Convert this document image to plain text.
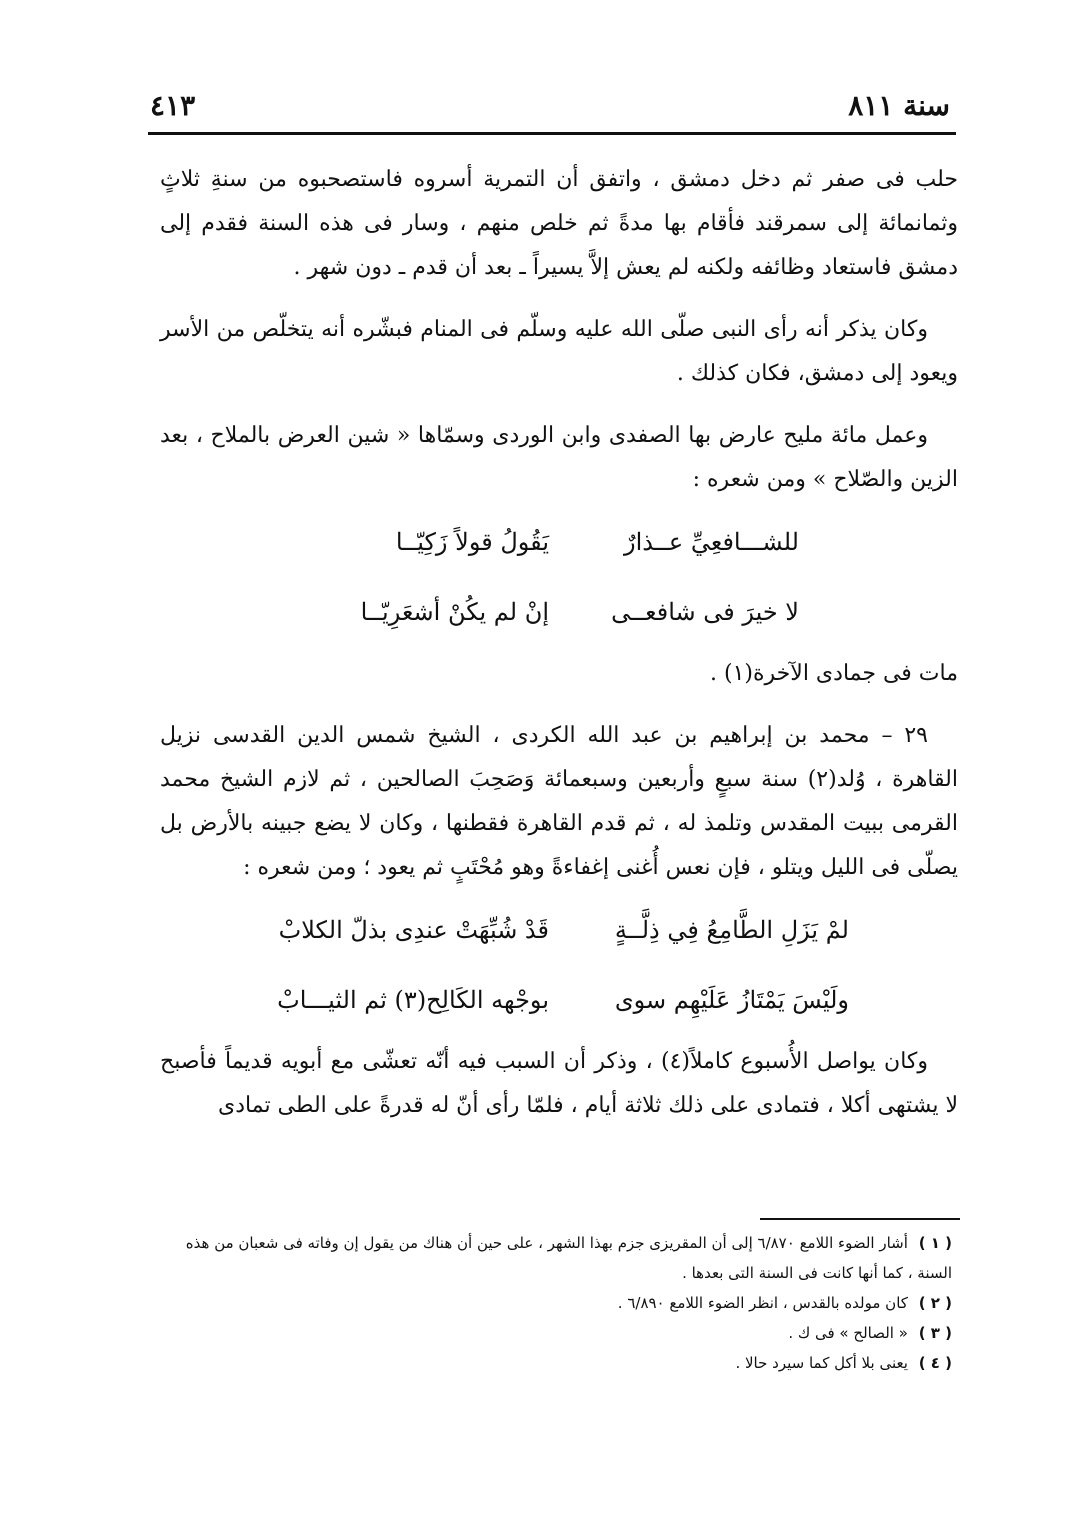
سنة ٨١١
٤١٣

حلب فى صفر ثم دخل دمشق ، واتفق أن التمرية أسروه فاستصحبوه من سنةِ ثلاثٍ وثمانمائة إلى سمرقند فأقام بها مدةً ثم خلص منهم ، وسار فى هذه السنة فقدم إلى دمشق فاستعاد وظائفه ولكنه لم يعش إلاَّ يسيراً ـ بعد أن قدم ـ دون شهر .

وكان يذكر أنه رأى النبى صلّى الله عليه وسلّم فى المنام فبشّره أنه يتخلّص من الأسر ويعود إلى دمشق، فكان كذلك .

وعمل مائة مليح عارض بها الصفدى وابن الوردى وسمّاها « شين العرض بالملاح ، بعد الزين والصّلاح » ومن شعره :

للشـــافعِيِّ عــذارٌ
يَقُولُ قولاً زَكِيّــا
لا خيرَ فى شافعــى
إنْ لم يكُنْ أشعَرِيّــا

مات فى جمادى الآخرة(١) .

٢٩ – محمد بن إبراهيم بن عبد الله الكردى ، الشيخ شمس الدين القدسى نزيل القاهرة ، وُلد(٢) سنة سبعٍ وأربعين وسبعمائة وَصَحِبَ الصالحين ، ثم لازم الشيخ محمد القرمى ببيت المقدس وتلمذ له ، ثم قدم القاهرة فقطنها ، وكان لا يضع جبينه بالأرض بل يصلّى فى الليل ويتلو ، فإن نعس أُغنى إغفاءةً وهو مُحْتَبٍ ثم يعود ؛ ومن شعره :

لمْ يَزَلِ الطَّامِعُ فِي ذِلَّــةٍ
قَدْ شُبِّهَتْ عندِى بذلّ الكلابْ
ولَيْسَ يَمْتَازُ عَلَيْهِم سوى
بوجْهه الكَالِح(٣) ثم الثيـــابْ

وكان يواصل الأُسبوع كاملاً(٤) ، وذكر أن السبب فيه أنّه تعشّى مع أبويه قديماً فأصبح لا يشتهى أكلا ، فتمادى على ذلك ثلاثة أيام ، فلمّا رأى أنّ له قدرةً على الطى تمادى

( ١ ) أشار الضوء اللامع ٦/٨٧٠ إلى أن المقريزى جزم بهذا الشهر ، على حين أن هناك من يقول إن وفاته فى شعبان من هذه السنة ، كما أنها كانت فى السنة التى بعدها .

( ٢ ) كان مولده بالقدس ، انظر الضوء اللامع ٦/٨٩٠ .

( ٣ ) « الصالح » فى ك .

( ٤ ) يعنى بلا أكل كما سيرد حالا .
